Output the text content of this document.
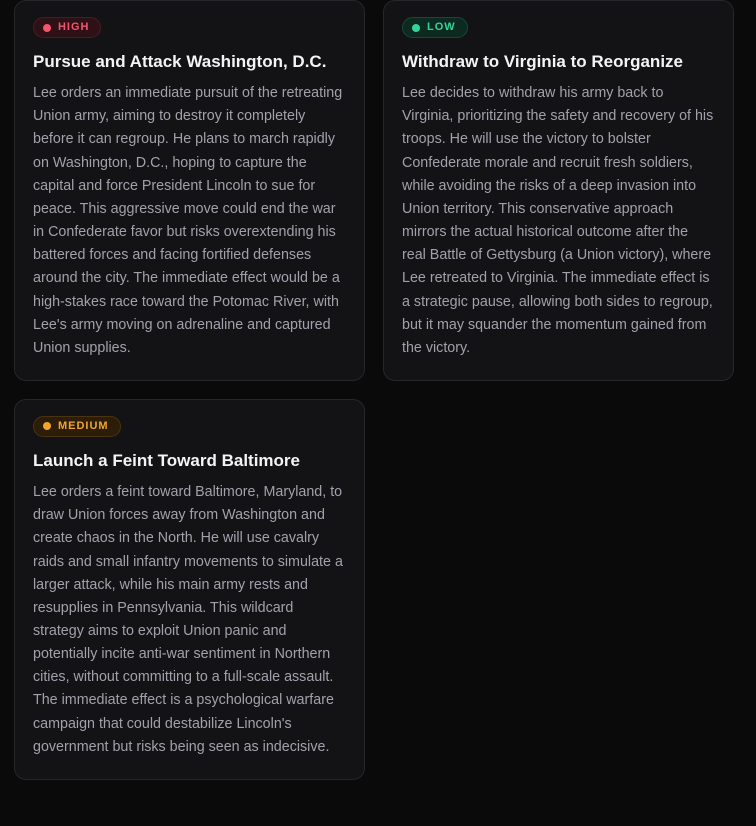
HIGH
Pursue and Attack Washington, D.C.

Lee orders an immediate pursuit of the retreating Union army, aiming to destroy it completely before it can regroup. He plans to march rapidly on Washington, D.C., hoping to capture the capital and force President Lincoln to sue for peace. This aggressive move could end the war in Confederate favor but risks overextending his battered forces and facing fortified defenses around the city. The immediate effect would be a high-stakes race toward the Potomac River, with Lee's army moving on adrenaline and captured Union supplies.

LOW
Withdraw to Virginia to Reorganize

Lee decides to withdraw his army back to Virginia, prioritizing the safety and recovery of his troops. He will use the victory to bolster Confederate morale and recruit fresh soldiers, while avoiding the risks of a deep invasion into Union territory. This conservative approach mirrors the actual historical outcome after the real Battle of Gettysburg (a Union victory), where Lee retreated to Virginia. The immediate effect is a strategic pause, allowing both sides to regroup, but it may squander the momentum gained from the victory.

MEDIUM
Launch a Feint Toward Baltimore

Lee orders a feint toward Baltimore, Maryland, to draw Union forces away from Washington and create chaos in the North. He will use cavalry raids and small infantry movements to simulate a larger attack, while his main army rests and resupplies in Pennsylvania. This wildcard strategy aims to exploit Union panic and potentially incite anti-war sentiment in Northern cities, without committing to a full-scale assault. The immediate effect is a psychological warfare campaign that could destabilize Lincoln's government but risks being seen as indecisive.
